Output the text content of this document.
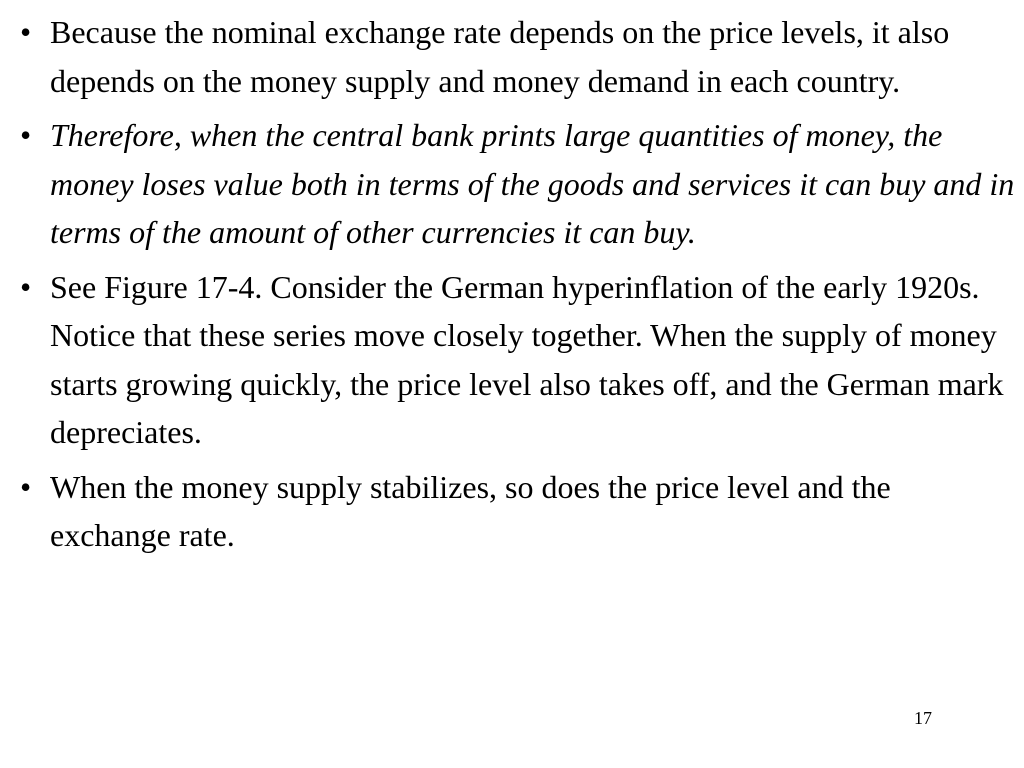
• Because the nominal exchange rate depends on the price levels, it also depends on the money supply and money demand in each country.
• Therefore, when the central bank prints large quantities of money, the money loses value both in terms of the goods and services it can buy and in terms of the amount of other currencies it can buy.
• See Figure 17-4. Consider the German hyperinflation of the early 1920s. Notice that these series move closely together. When the supply of money starts growing quickly, the price level also takes off, and the German mark depreciates.
• When the money supply stabilizes, so does the price level and the exchange rate.
17
